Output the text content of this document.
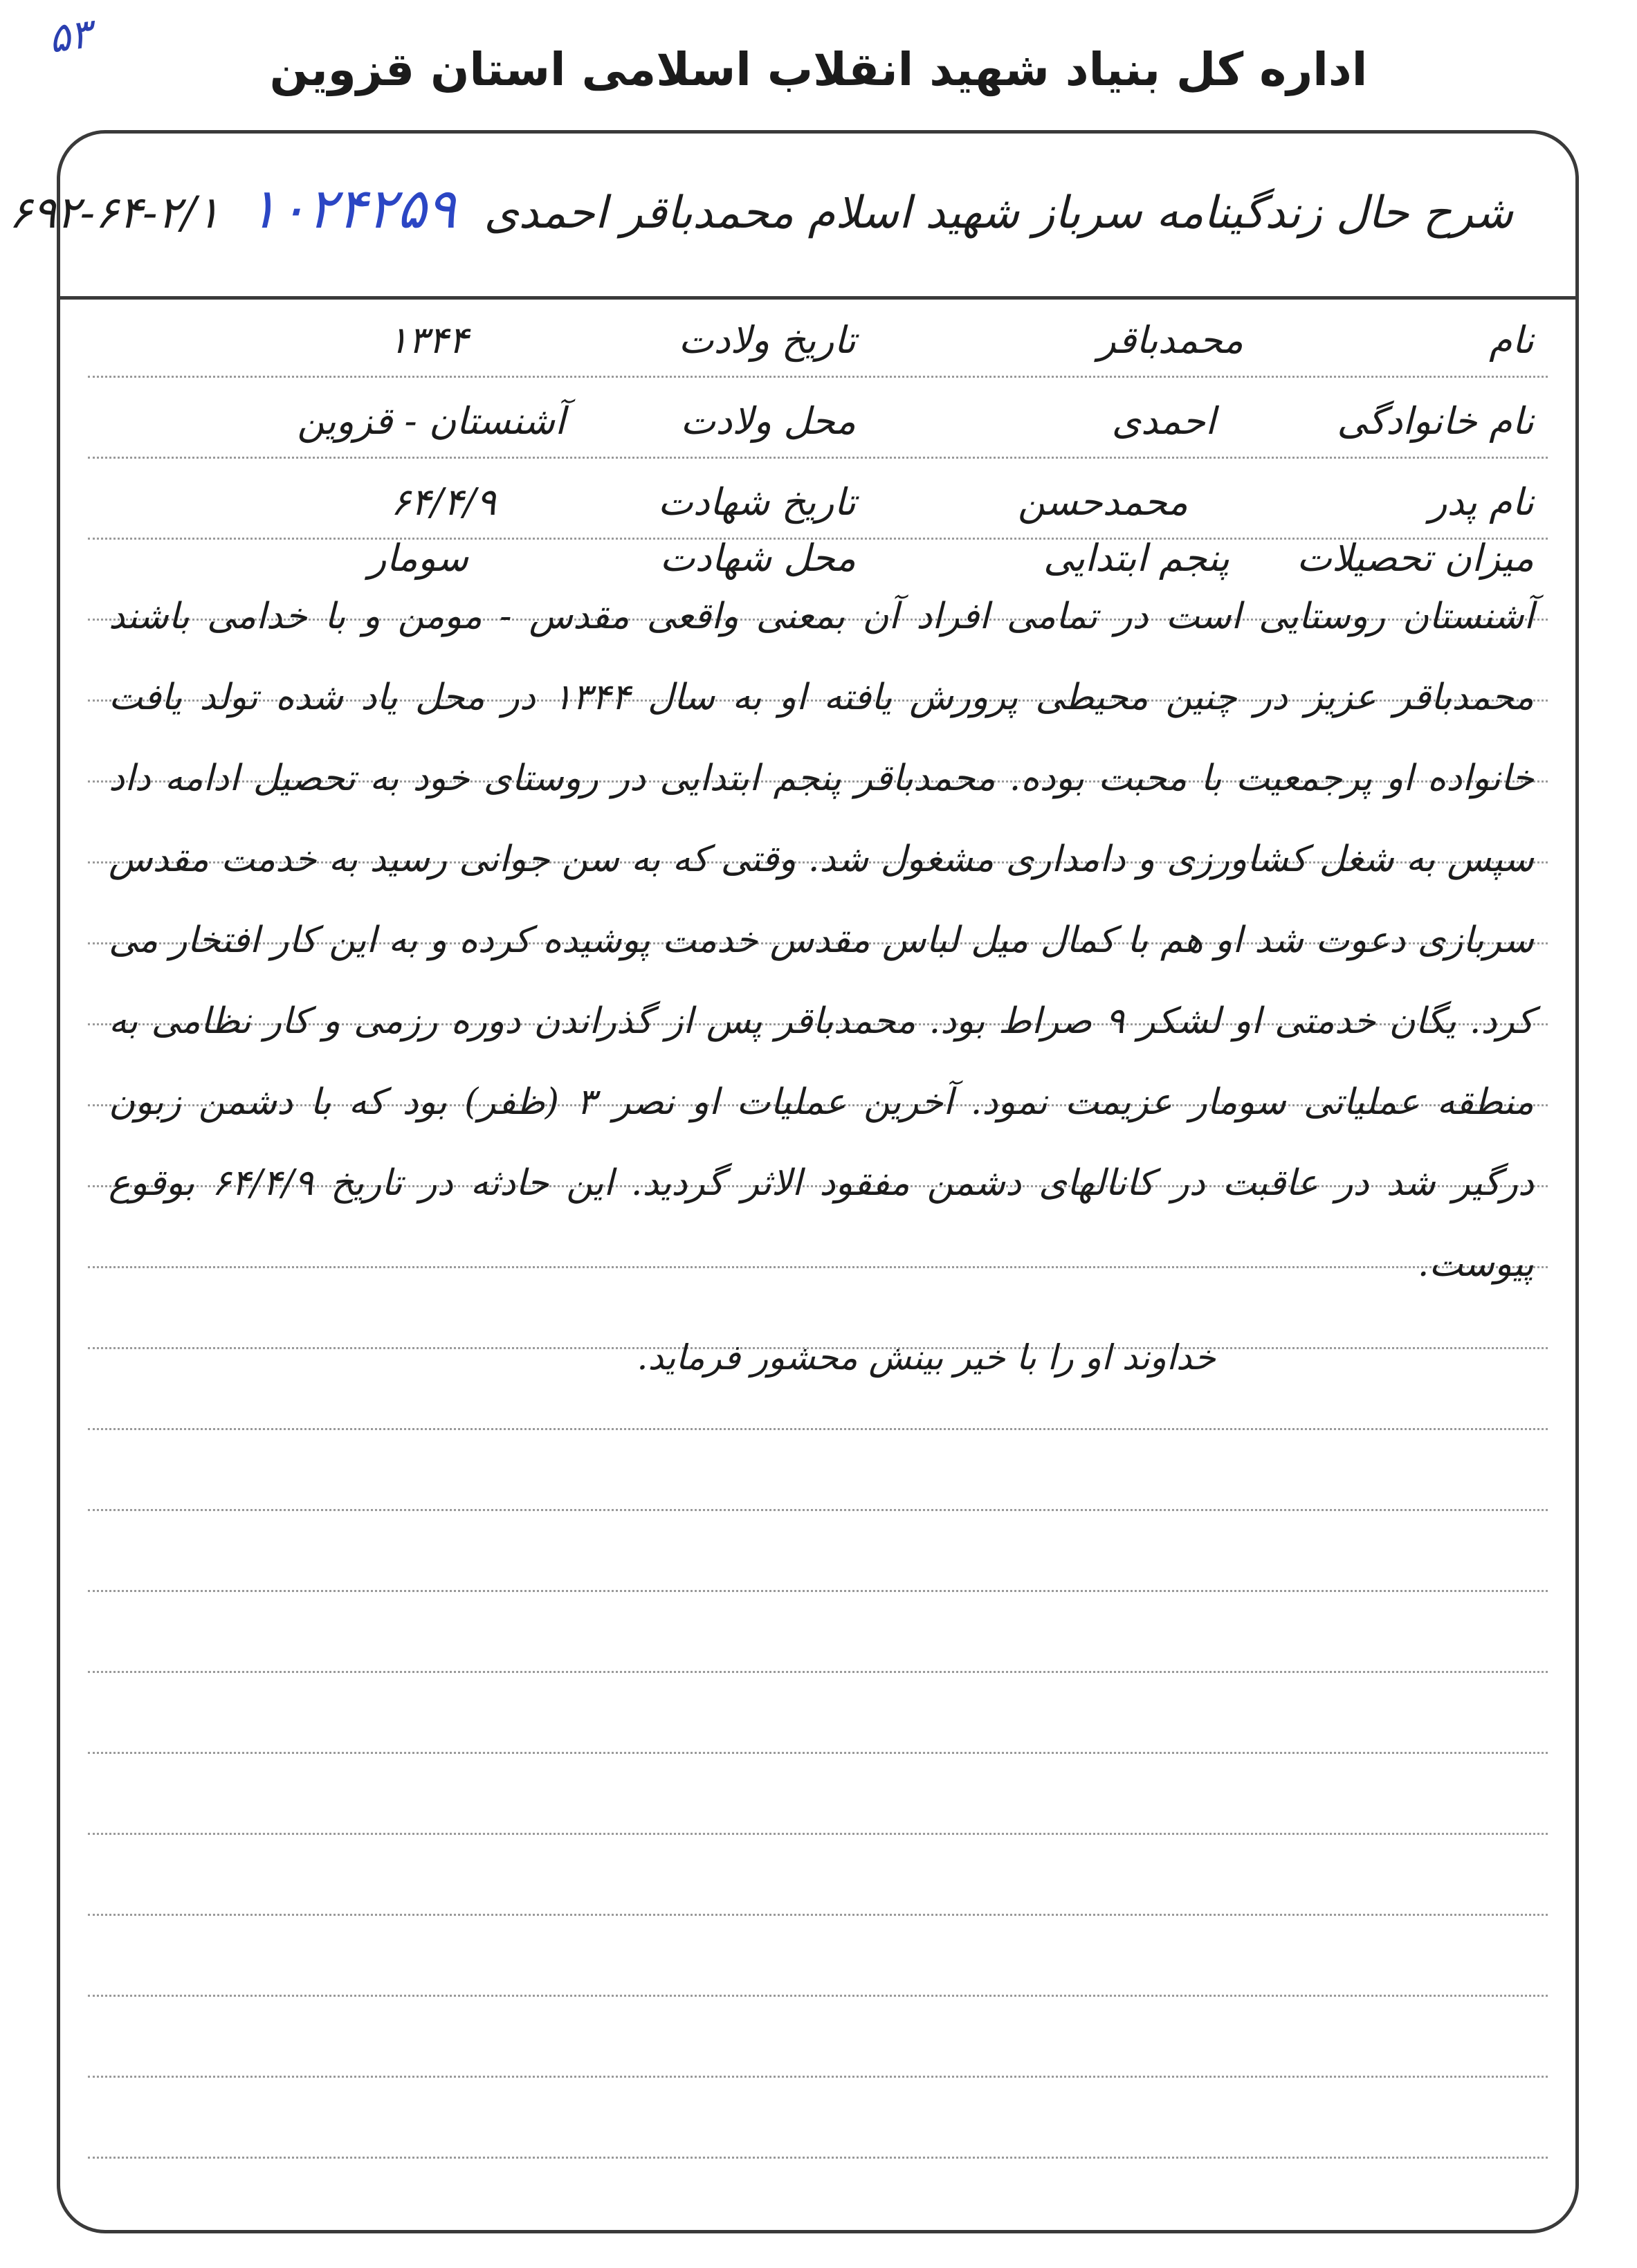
۵۳
اداره کل بنیاد شهید انقلاب اسلامی استان قزوین
شرح حال زندگینامه سرباز شهید اسلام محمدباقر احمدی ۱۰۲۴۲۵۹ ۲/۱-۶۴-۶۹۲
نام
محمدباقر
تاریخ ولادت
۱۳۴۴
نام خانوادگی
احمدی
محل ولادت
آشنستان - قزوین
نام پدر
محمدحسن
تاریخ شهادت
۶۴/۴/۹
میزان تحصیلات
پنجم ابتدایی
محل شهادت
سومار

آشنستان روستایی است در تمامی افراد آن بمعنی واقعی مقدس - مومن و با خدامی باشند محمدباقر عزیز در چنین محیطی پرورش یافته او به سال ۱۳۴۴ در محل یاد شده تولد یافت خانواده او پرجمعیت با محبت بوده. محمدباقر پنجم ابتدایی در روستای خود به تحصیل ادامه داد سپس به شغل کشاورزی و دامداری مشغول شد. وقتی که به سن جوانی رسید به خدمت مقدس سربازی دعوت شد او هم با کمال میل لباس مقدس خدمت پوشیده کرده و به این کار افتخار می کرد. یگان خدمتی او لشکر ۹ صراط بود. محمدباقر پس از گذراندن دوره رزمی و کار نظامی به منطقه عملیاتی سومار عزیمت نمود. آخرین عملیات او نصر ۳ (ظفر) بود که با دشمن زبون درگیر شد در عاقبت در کانالهای دشمن مفقود الاثر گردید. این حادثه در تاریخ ۶۴/۴/۹ بوقوع پیوست.

خداوند او را با خیر بینش محشور فرماید.
